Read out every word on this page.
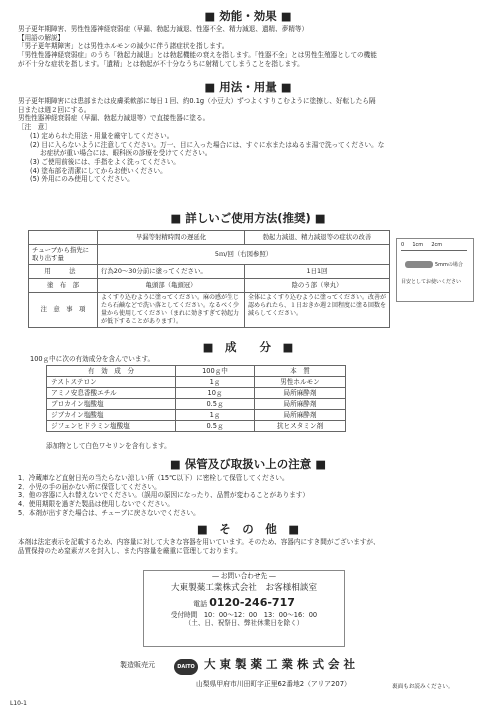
■ 効能・効果 ■
男子更年期障害、男性性器神経衰弱症（早漏、勃起力減退、性器不全、精力減退、遺精、夢精等）
【用語の解説】
「男子更年期障害」とは男性ホルモンの減少に伴う諸症状を指します。
「男性性器神経衰弱症」のうち「勃起力減退」とは勃起機能の衰えを指します。「性器不全」とは男性生殖器としての機能
が不十分な症状を指します。「遺精」とは勃起が不十分なうちに射精してしまうことを指します。
■ 用法・用量 ■
男子更年期障害には患部または皮膚柔軟部に毎日１回、約0.1g（小豆大）ずつよくすりこむように塗擦し、好転したら隔
日または週２回にする。
男性性器神経衰弱症（早漏、勃起力減退等）で直接性器に塗る。
［注　意］
(1) 定められた用法・用量を厳守してください。
(2) 目に入らないように注意してください。万一、目に入った場合には、すぐに水またはぬるま湯で洗ってください。な
お症状が重い場合には、眼科医の診療を受けてください。
(3) ご使用前後には、手指をよく洗ってください。
(4) 塗布部を清潔にしてからお使いください。
(5) 外用にのみ使用してください。
■ 詳しいご使用方法(推奨) ■
	早漏等射精時間の遅延化	勃起力減退、精力減退等の症状の改善
チューブから指先に取り出す量	5ｍ/回（右図参照）	
用　法	行為20～30分前に塗ってください。	1日1回
塗　布　部	亀頭部（亀頭冠）	陰のう部（睾丸）
注　意　事　項	よくすり込むように塗ってください。麻の感が生じたら石鹸などで洗い落としてください。なるべく少量から使用してください（まれに効きすぎて勃起力が低下することがあります）。	全体によくすり込むように塗ってください。改善が認められたら、１日おきか週２回程度に塗る回数を減らしてください。
0 　 1cm 　 2cm
5mmの場合
目安としてお使いください
■　成　　分　■
100ｇ中に次の有効成分を含んでいます。
有　効　成　分	100ｇ中	本　質
テストステロン	1ｇ	男性ホルモン
アミノ安息香酸エチル	10ｇ	局所麻酔剤
プロカイン塩酸塩	0.5ｇ	局所麻酔剤
ジブカイン塩酸塩	1ｇ	局所麻酔剤
ジフェンヒドラミン塩酸塩	0.5ｇ	抗ヒスタミン剤
添加物として白色ワセリンを含有します。
■ 保管及び取扱い上の注意 ■
1．冷蔵庫など直射日光の当たらない涼しい所（15℃以下）に密栓して保管してください。
2．小児の手の届かない所に保管してください。
3．他の容器に入れ替えないでください。（誤用の原因になったり、品質が変わることがあります）
4．使用期限を過ぎた製品は使用しないでください。
5．本剤が出すぎた場合は、チューブに戻さないでください。
■　そ　の　他　■
本剤は法定表示を記載するため、内容量に対して大きな容器を用いています。そのため、容器内にすき間がございますが、
品質保持のため窒素ガスを封入し、また内容量を厳重に管理しております。
― お問い合わせ先 ―
大東製薬工業株式会社　お客様相談室
電話 0120-246-717
受付時間　10：00～12：00　13：00～16：00
（土、日、祝祭日、弊社休業日を除く）
製造販売元	DAITO 大 東 製 薬 工 業 株 式 会 社
山梨県甲府市川田町字正里62番地2（アリア207）	裏面もお読みください。
L10-1
